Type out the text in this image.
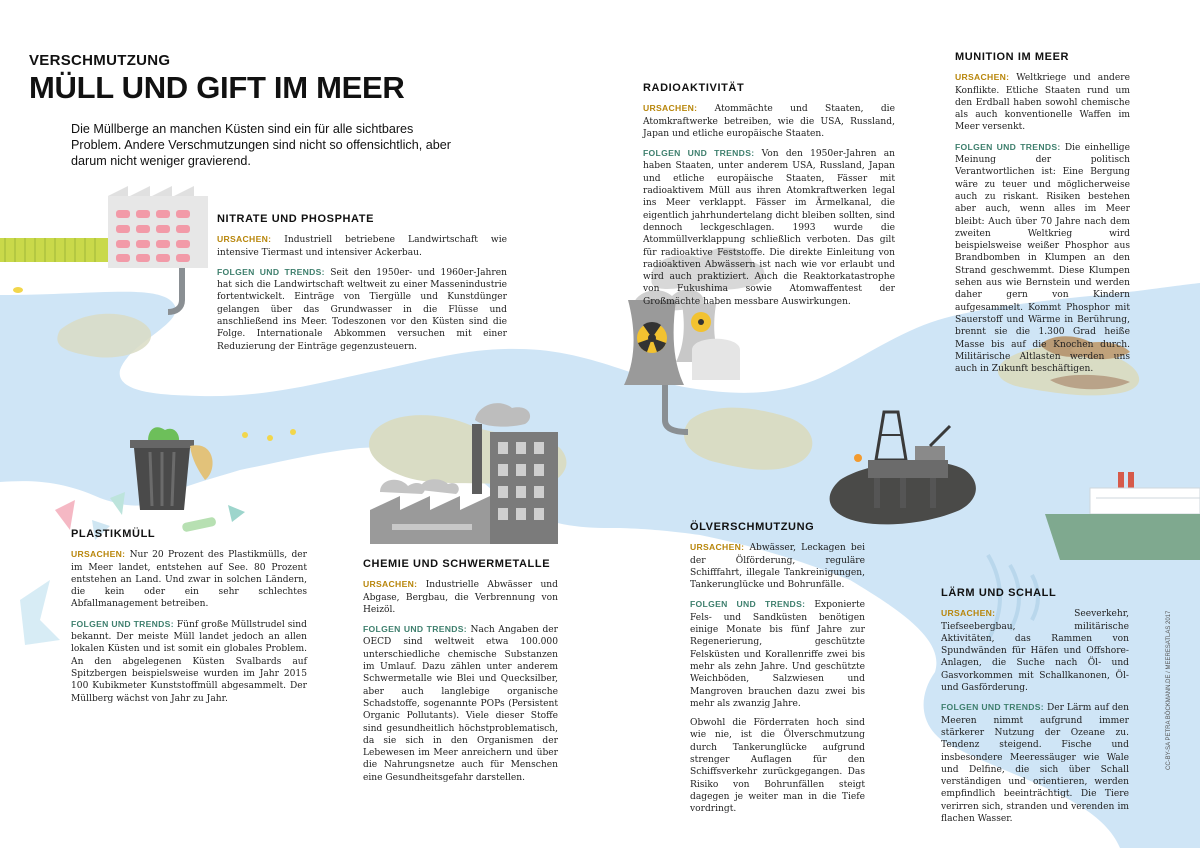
VERSCHMUTZUNG

MÜLL UND GIFT IM MEER

Die Müllberge an manchen Küsten sind ein für alle sichtbares Problem. Andere Verschmutzungen sind nicht so offensichtlich, aber darum nicht weniger gravierend.

NITRATE UND PHOSPHATE

URSACHEN: Industriell betriebene Landwirtschaft wie intensive Tiermast und intensiver Ackerbau.

FOLGEN UND TRENDS: Seit den 1950er- und 1960er-Jahren hat sich die Landwirtschaft weltweit zu einer Massenindustrie fortentwickelt. Einträge von Tiergülle und Kunstdünger gelangen über das Grundwasser in die Flüsse und anschließend ins Meer. Todeszonen vor den Küsten sind die Folge. Internationale Abkommen versuchen mit einer Reduzierung der Einträge gegenzusteuern.

RADIOAKTIVITÄT

URSACHEN: Atommächte und Staaten, die Atomkraftwerke betreiben, wie die USA, Russland, Japan und etliche europäische Staaten.

FOLGEN UND TRENDS: Von den 1950er-Jahren an haben Staaten, unter anderem USA, Russland, Japan und etliche europäische Staaten, Fässer mit radioaktivem Müll aus ihren Atomkraftwerken legal ins Meer verklappt. Fässer im Ärmelkanal, die eigentlich jahrhundertelang dicht bleiben sollten, sind dennoch leckgeschlagen. 1993 wurde die Atommüllverklappung schließlich verboten. Das gilt für radioaktive Feststoffe. Die direkte Einleitung von radioaktiven Abwässern ist nach wie vor erlaubt und wird auch praktiziert. Auch die Reaktorkatastrophe von Fukushima sowie Atomwaffentest der Großmächte haben messbare Auswirkungen.

MUNITION IM MEER

URSACHEN: Weltkriege und andere Konflikte. Etliche Staaten rund um den Erdball haben sowohl chemische als auch konventionelle Waffen im Meer versenkt.

FOLGEN UND TRENDS: Die einhellige Meinung der politisch Verantwortlichen ist: Eine Bergung wäre zu teuer und möglicherweise auch zu riskant. Risiken bestehen aber auch, wenn alles im Meer bleibt: Auch über 70 Jahre nach dem zweiten Weltkrieg wird beispielsweise weißer Phosphor aus Brandbomben in Klumpen an den Strand geschwemmt. Diese Klumpen sehen aus wie Bernstein und werden daher gern von Kindern aufgesammelt. Kommt Phosphor mit Sauerstoff und Wärme in Berührung, brennt sie die 1.300 Grad heiße Masse bis auf die Knochen durch. Militärische Altlasten werden uns auch in Zukunft beschäftigen.

PLASTIKMÜLL

URSACHEN: Nur 20 Prozent des Plastikmülls, der im Meer landet, entstehen auf See. 80 Prozent entstehen an Land. Und zwar in solchen Ländern, die kein oder ein sehr schlechtes Abfallmanagement betreiben.

FOLGEN UND TRENDS: Fünf große Müllstrudel sind bekannt. Der meiste Müll landet jedoch an allen lokalen Küsten und ist somit ein globales Problem. An den abgelegenen Küsten Svalbards auf Spitzbergen beispielsweise wurden im Jahr 2015 100 Kubikmeter Kunststoffmüll abgesammelt. Der Müllberg wächst von Jahr zu Jahr.

CHEMIE UND SCHWERMETALLE

URSACHEN: Industrielle Abwässer und Abgase, Bergbau, die Verbrennung von Heizöl.

FOLGEN UND TRENDS: Nach Angaben der OECD sind weltweit etwa 100.000 unterschiedliche chemische Substanzen im Umlauf. Dazu zählen unter anderem Schwermetalle wie Blei und Quecksilber, aber auch langlebige organische Schadstoffe, sogenannte POPs (Persistent Organic Pollutants). Viele dieser Stoffe sind gesundheitlich höchstproblematisch, da sie sich in den Organismen der Lebewesen im Meer anreichern und über die Nahrungsnetze auch für Menschen eine Gesundheitsgefahr darstellen.

ÖLVERSCHMUTZUNG

URSACHEN: Abwässer, Leckagen bei der Ölförderung, reguläre Schifffahrt, illegale Tankreinigungen, Tankerunglücke und Bohrunfälle.

FOLGEN UND TRENDS: Exponierte Fels- und Sandküsten benötigen einige Monate bis fünf Jahre zur Regenerierung, geschützte Felsküsten und Korallenriffe zwei bis mehr als zehn Jahre. Und geschützte Weichböden, Salzwiesen und Mangroven brauchen dazu zwei bis mehr als zwanzig Jahre.

Obwohl die Förderraten hoch sind wie nie, ist die Ölverschmutzung durch Tankerunglücke aufgrund strenger Auflagen für den Schiffsverkehr zurückgegangen. Das Risiko von Bohrunfällen steigt dagegen je weiter man in die Tiefe vordringt.

LÄRM UND SCHALL

URSACHEN:	Seeverkehr, Tiefseebergbau, militärische Aktivitäten, das Rammen von Spundwänden für Häfen und Offshore-Anlagen, die Suche nach Öl- und Gasvorkommen mit Schallkanonen, Öl- und Gasförderung.

FOLGEN UND TRENDS: Der Lärm auf den Meeren nimmt aufgrund immer stärkerer Nutzung der Ozeane zu. Tendenz steigend. Fische und insbesondere Meeressäuger wie Wale und Delfine, die sich über Schall verständigen und orientieren, werden empfindlich beeinträchtigt. Die Tiere verirren sich, stranden und verenden im flachen Wasser.

CC-BY-SA PETRA BÖCKMANN.DE / MEERESATLAS 2017
